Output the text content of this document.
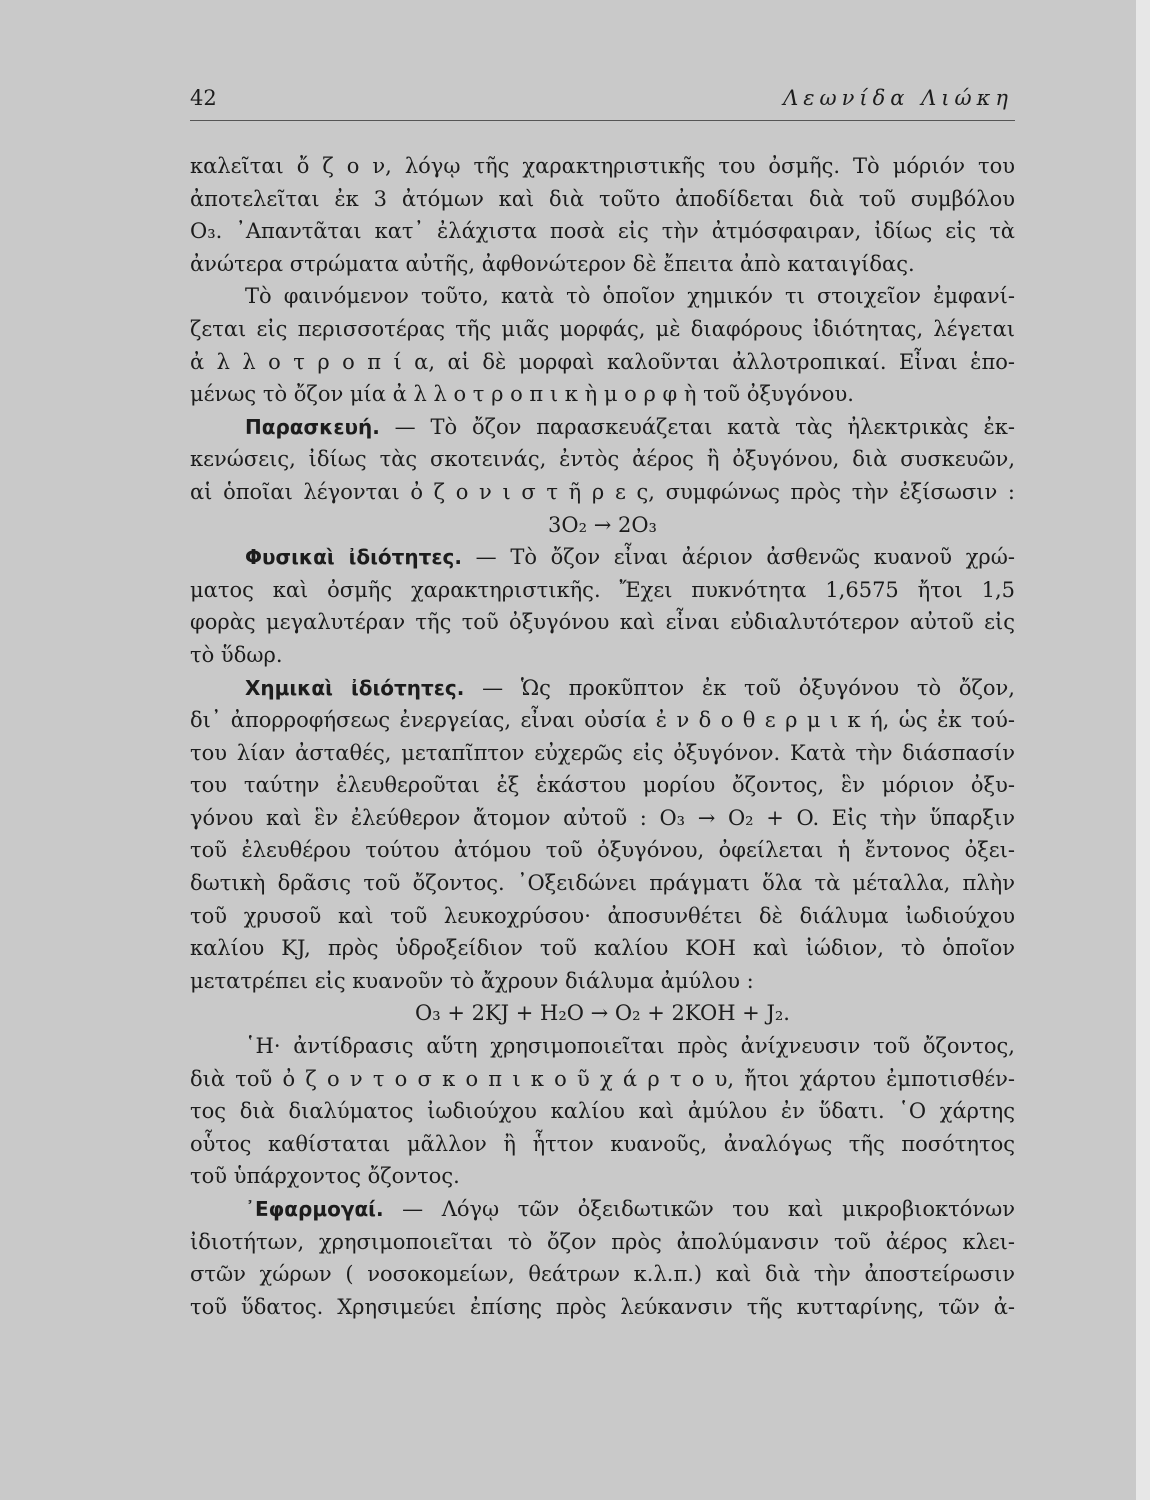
42	Λεωνίδα Λιώκη
καλεῖται ὄ ζ ο ν, λόγῳ τῆς χαρακτηριστικῆς του ὀσμῆς. Τὸ μόριόν του
ἀποτελεῖται ἐκ 3 ἀτόμων καὶ διὰ τοῦτο ἀποδίδεται διὰ τοῦ συμβόλου
O₃. ᾿Απαντᾶται κατ᾿ ἐλάχιστα ποσὰ εἰς τὴν ἀτμόσφαιραν, ἰδίως εἰς τὰ
ἀνώτερα στρώματα αὐτῆς, ἀφθονώτερον δὲ ἔπειτα ἀπὸ καταιγίδας.
Τὸ φαινόμενον τοῦτο, κατὰ τὸ ὁποῖον χημικόν τι στοιχεῖον ἐμφανί-
ζεται εἰς περισσοτέρας τῆς μιᾶς μορφάς, μὲ διαφόρους ἰδιότητας, λέγεται
ἀ λ λ ο τ ρ ο π ί α, αἱ δὲ μορφαὶ καλοῦνται ἀλλοτροπικαί. Εἶναι ἑπο-
μένως τὸ ὄζον μία ἀ λ λ ο τ ρ ο π ι κ ὴ μ ο ρ φ ὴ τοῦ ὀξυγόνου.
Παρασκευή. — Τὸ ὄζον παρασκευάζεται κατὰ τὰς ἠλεκτρικὰς ἐκ-
κενώσεις, ἰδίως τὰς σκοτεινάς, ἐντὸς ἀέρος ἢ ὀξυγόνου, διὰ συσκευῶν,
αἱ ὁποῖαι λέγονται ὀ ζ ο ν ι σ τ ῆ ρ ε ς, συμφώνως πρὸς τὴν ἐξίσωσιν :
3O₂ → 2O₃
Φυσικαὶ ἰδιότητες. — Τὸ ὄζον εἶναι ἀέριον ἀσθενῶς κυανοῦ χρώ-
ματος καὶ ὀσμῆς χαρακτηριστικῆς. Ἔχει πυκνότητα 1,6575 ἤτοι 1,5
φορὰς μεγαλυτέραν τῆς τοῦ ὀξυγόνου καὶ εἶναι εὐδιαλυτότερον αὐτοῦ εἰς
τὸ ὕδωρ.
Χημικαὶ ἰδιότητες. — Ὡς προκῦπτον ἐκ τοῦ ὀξυγόνου τὸ ὄζον,
δι᾿ ἀπορροφήσεως ἐνεργείας, εἶναι οὐσία ἐ ν δ ο θ ε ρ μ ι κ ή, ὡς ἐκ τού-
του λίαν ἀσταθές, μεταπῖπτον εὐχερῶς εἰς ὀξυγόνον. Κατὰ τὴν διάσπασίν
του ταύτην ἐλευθεροῦται ἐξ ἑκάστου μορίου ὄζοντος, ἓν μόριον ὀξυ-
γόνου καὶ ἓν ἐλεύθερον ἄτομον αὐτοῦ : O₃ → O₂ + O. Εἰς τὴν ὕπαρξιν
τοῦ ἐλευθέρου τούτου ἀτόμου τοῦ ὀξυγόνου, ὀφείλεται ἡ ἔντονος ὀξει-
δωτικὴ δρᾶσις τοῦ ὄζοντος. ᾿Οξειδώνει πράγματι ὅλα τὰ μέταλλα, πλὴν
τοῦ χρυσοῦ καὶ τοῦ λευκοχρύσου· ἀποσυνθέτει δὲ διάλυμα ἰωδιούχου
καλίου KJ, πρὸς ὑδροξείδιον τοῦ καλίου KOH καὶ ἰώδιον, τὸ ὁποῖον
μετατρέπει εἰς κυανοῦν τὸ ἄχρουν διάλυμα ἀμύλου :
O₃ + 2KJ + H₂O → O₂ + 2KOH + J₂.
῾Η· ἀντίδρασις αὕτη χρησιμοποιεῖται πρὸς ἀνίχνευσιν τοῦ ὄζοντος,
διὰ τοῦ ὀ ζ ο ν τ ο σ κ ο π ι κ ο ῦ χ ά ρ τ ο υ, ἤτοι χάρτου ἐμποτισθέν-
τος διὰ διαλύματος ἰωδιούχου καλίου καὶ ἀμύλου ἐν ὕδατι. ῾Ο χάρτης
οὗτος καθίσταται μᾶλλον ἢ ἧττον κυανοῦς, ἀναλόγως τῆς ποσότητος
τοῦ ὑπάρχοντος ὄζοντος.
᾿Εφαρμογαί. — Λόγῳ τῶν ὀξειδωτικῶν του καὶ μικροβιοκτόνων
ἰδιοτήτων, χρησιμοποιεῖται τὸ ὄζον πρὸς ἀπολύμανσιν τοῦ ἀέρος κλει-
στῶν χώρων ( νοσοκομείων, θεάτρων κ.λ.π.) καὶ διὰ τὴν ἀποστείρωσιν
τοῦ ὕδατος. Χρησιμεύει ἐπίσης πρὸς λεύκανσιν τῆς κυτταρίνης, τῶν ἀ-
